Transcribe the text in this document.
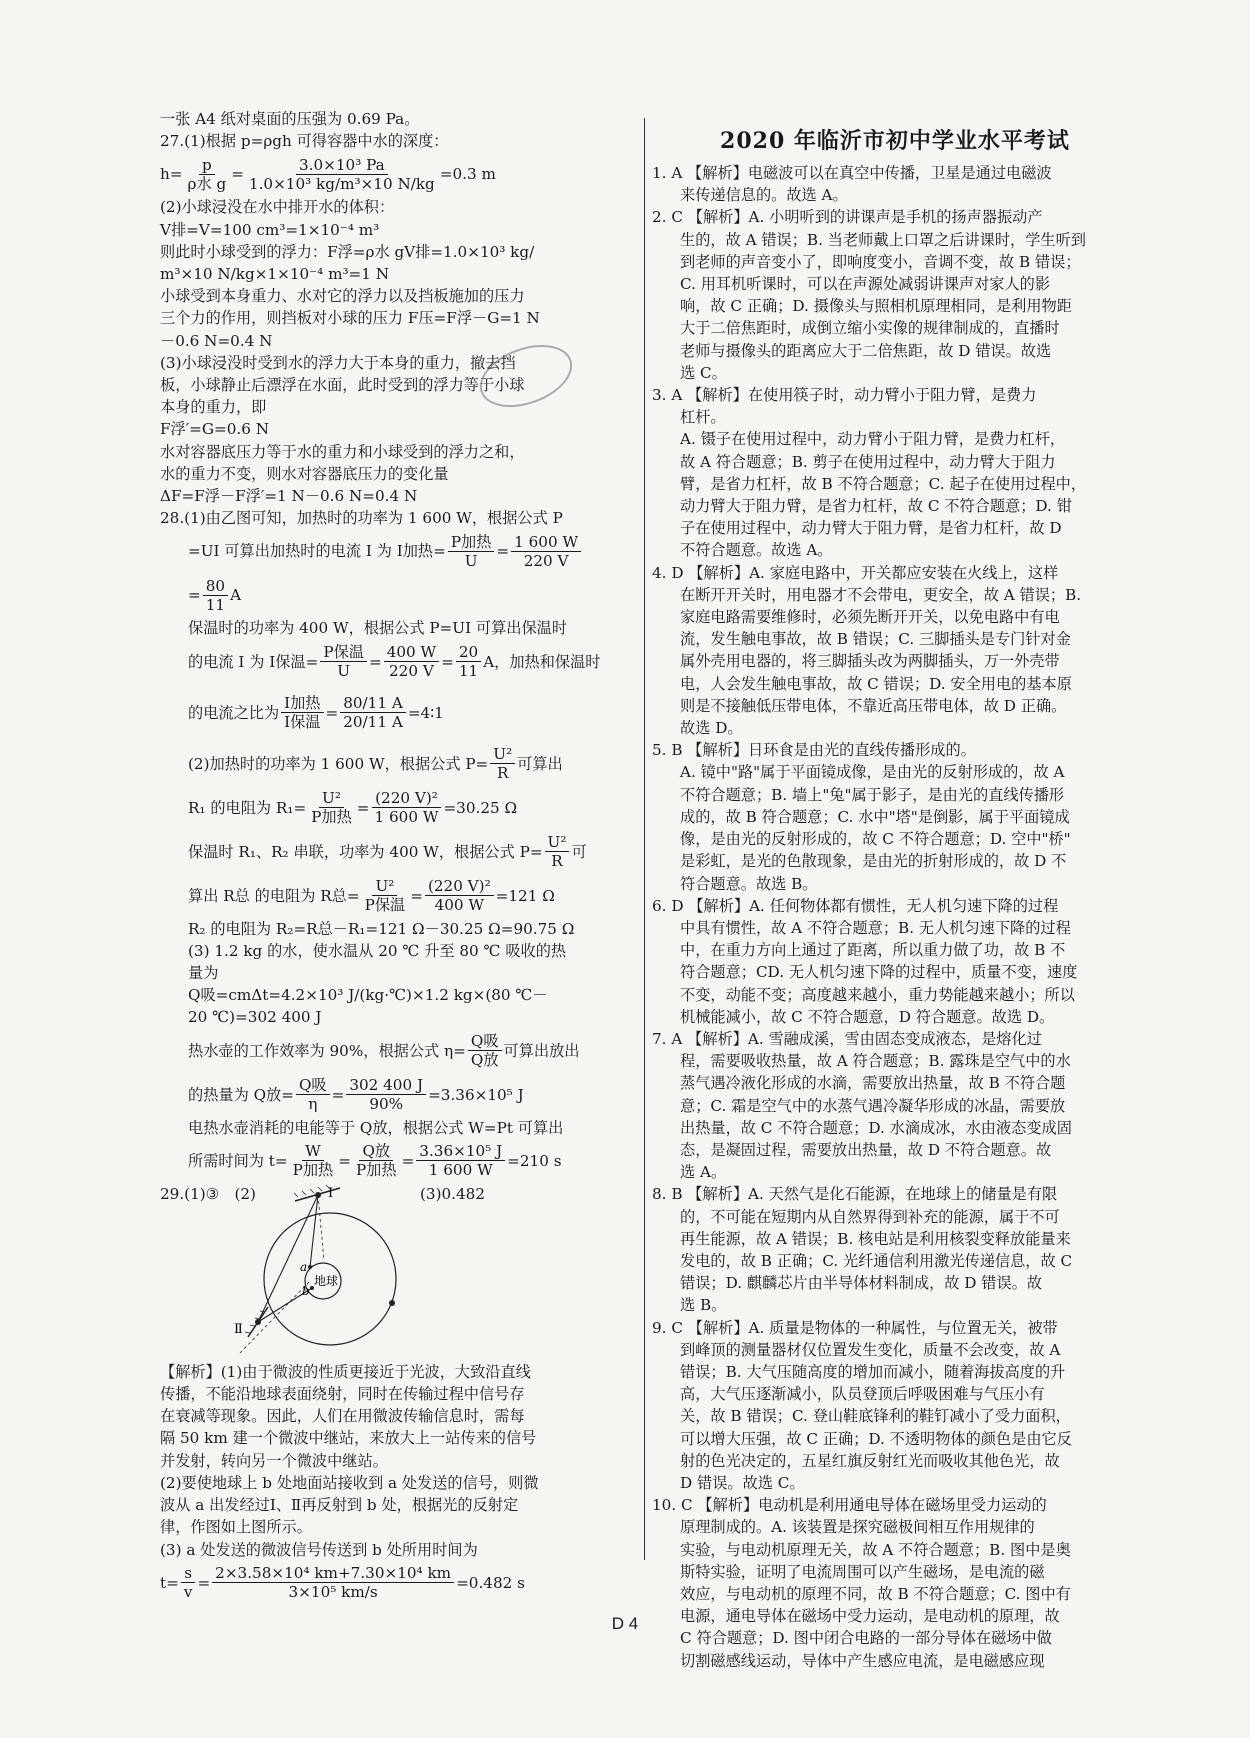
一张 A4 纸对桌面的压强为 0.69 Pa。
27.(1)根据 p=ρgh 可得容器中水的深度：
$h= \frac{p}{\text{ρ水 g}} = \frac{\text{3.0×10³ Pa}}{\text{1.0×10³ kg/m³×10 N/kg}} =0.3$ m
(2)小球浸没在水中排开水的体积：
V排=V=100 cm³=1×10⁻⁴ m³
则此时小球受到的浮力：F浮=ρ水 gV排=1.0×10³ kg/
m³×10 N/kg×1×10⁻⁴ m³=1 N
小球受到本身重力、水对它的浮力以及挡板施加的压力
三个力的作用，则挡板对小球的压力 F压=F浮－G=1 N
－0.6 N=0.4 N
(3)小球浸没时受到水的浮力大于本身的重力，撤去挡
板，小球静止后漂浮在水面，此时受到的浮力等于小球
本身的重力，即
F浮′=G=0.6 N
水对容器底压力等于水的重力和小球受到的浮力之和，
水的重力不变，则水对容器底压力的变化量
ΔF=F浮－F浮′=1 N－0.6 N=0.4 N
28.(1)由乙图可知，加热时的功率为 1 600 W，根据公式 P
=UI 可算出加热时的电流 I 为 I加热= $\frac{\text{P加热}}{U} = \frac{1 600 W}{220 V}$
= $\frac{80}{11}$ A
保温时的功率为 400 W，根据公式 P=UI 可算出保温时
的电流 I 为 I保温= $\frac{\text{P保温}}{U} = \frac{400 W}{220 V} = \frac{20}{11}$ A，加热和保温时
的电流之比为 $\frac{\text{I加热}}{\text{I保温}} = \frac{80/11 A}{20/11 A}$ =4∶1
(2)加热时的功率为 1 600 W，根据公式 $P= \frac{\text{U²}}{R}$ 可算出
R₁ 的电阻为 $R_1= \frac{\text{U²}}{\text{P加热}} = \frac{\text{(220 V)²}}{1 600 W} =30.25$ Ω
保温时 R₁、R₂ 串联，功率为 400 W，根据公式 $P= \frac{\text{U²}}{R}$ 可
算出 R总 的电阻为 R总= $\frac{\text{U²}}{\text{P保温}} = \frac{\text{(220 V)²}}{400 W} =121$ Ω
R₂ 的电阻为 R₂=R总－R₁=121 Ω－30.25 Ω=90.75 Ω
(3) 1.2 kg 的水，使水温从 20 ℃ 升至 80 ℃ 吸收的热
量为
Q吸=cmΔt=4.2×10³ J/(kg·℃)×1.2 kg×(80 ℃－
20 ℃)=302 400 J
热水壶的工作效率为 90%，根据公式 $\eta= \frac{\text{Q吸}}{\text{Q放}}$ 可算出放出
的热量为 Q放= $\frac{\text{Q吸}}{\eta} = \frac{302 400 J}{90\%} =3.36\times 10^5$ J
电热水壶消耗的电能等于 Q放，根据公式 W=Pt 可算出
所需时间为 $t= \frac{W}{\text{P加热}} = \frac{\text{Q放}}{\text{P加热}} = \frac{\text{3.36×10⁵ J}}{1 600 W} =210$ s
29.(1)③　(2)	(3)0.482
I
Ⅱ
a
b
地球
【解析】(1)由于微波的性质更接近于光波，大致沿直线
传播，不能沿地球表面绕射，同时在传输过程中信号存
在衰减等现象。因此，人们在用微波传输信息时，需每
隔 50 km 建一个微波中继站，来放大上一站传来的信号
并发射，转向另一个微波中继站。
(2)要使地球上 b 处地面站接收到 a 处发送的信号，则微
波从 a 出发经过Ⅰ、Ⅱ再反射到 b 处，根据光的反射定
律，作图如上图所示。
(3) a 处发送的微波信号传送到 b 处所用时间为
$t= \frac{s}{v} = \frac{\text{2×3.58×10⁴ km+7.30×10⁴ km}}{\text{3×10⁵ km/s}} =0.482$ s
2020 年临沂市初中学业水平考试
1. A 【解析】电磁波可以在真空中传播，卫星是通过电磁波
来传递信息的。故选 A。
2. C 【解析】A. 小明听到的讲课声是手机的扬声器振动产
生的，故 A 错误；B. 当老师戴上口罩之后讲课时，学生听到
到老师的声音变小了，即响度变小，音调不变，故 B 错误；
C. 用耳机听课时，可以在声源处减弱讲课声对家人的影
响，故 C 正确；D. 摄像头与照相机原理相同，是利用物距
大于二倍焦距时，成倒立缩小实像的规律制成的，直播时
老师与摄像头的距离应大于二倍焦距，故 D 错误。故选
选 C。
3. A 【解析】在使用筷子时，动力臂小于阻力臂，是费力
杠杆。
A. 镊子在使用过程中，动力臂小于阻力臂，是费力杠杆，
故 A 符合题意；B. 剪子在使用过程中，动力臂大于阻力
臂，是省力杠杆，故 B 不符合题意；C. 起子在使用过程中，
动力臂大于阻力臂，是省力杠杆，故 C 不符合题意；D. 钳
子在使用过程中，动力臂大于阻力臂，是省力杠杆，故 D
不符合题意。故选 A。
4. D 【解析】A. 家庭电路中，开关都应安装在火线上，这样
在断开开关时，用电器才不会带电，更安全，故 A 错误；B.
家庭电路需要维修时，必须先断开开关，以免电路中有电
流，发生触电事故，故 B 错误；C. 三脚插头是专门针对金
属外壳用电器的，将三脚插头改为两脚插头，万一外壳带
电，人会发生触电事故，故 C 错误；D. 安全用电的基本原
则是不接触低压带电体，不靠近高压带电体，故 D 正确。
故选 D。
5. B 【解析】日环食是由光的直线传播形成的。
A. 镜中"路"属于平面镜成像，是由光的反射形成的，故 A
不符合题意；B. 墙上"兔"属于影子，是由光的直线传播形
成的，故 B 符合题意；C. 水中"塔"是倒影，属于平面镜成
像，是由光的反射形成的，故 C 不符合题意；D. 空中"桥"
是彩虹，是光的色散现象，是由光的折射形成的，故 D 不
符合题意。故选 B。
6. D 【解析】A. 任何物体都有惯性，无人机匀速下降的过程
中具有惯性，故 A 不符合题意；B. 无人机匀速下降的过程
中，在重力方向上通过了距离，所以重力做了功，故 B 不
符合题意；CD. 无人机匀速下降的过程中，质量不变，速度
不变，动能不变；高度越来越小，重力势能越来越小；所以
机械能减小，故 C 不符合题意，D 符合题意。故选 D。
7. A 【解析】A. 雪融成溪，雪由固态变成液态，是熔化过
程，需要吸收热量，故 A 符合题意；B. 露珠是空气中的水
蒸气遇冷液化形成的水滴，需要放出热量，故 B 不符合题
意；C. 霜是空气中的水蒸气遇冷凝华形成的冰晶，需要放
出热量，故 C 不符合题意；D. 水滴成冰，水由液态变成固
态，是凝固过程，需要放出热量，故 D 不符合题意。故
选 A。
8. B 【解析】A. 天然气是化石能源，在地球上的储量是有限
的，不可能在短期内从自然界得到补充的能源，属于不可
再生能源，故 A 错误；B. 核电站是利用核裂变释放能量来
发电的，故 B 正确；C. 光纤通信利用激光传递信息，故 C
错误；D. 麒麟芯片由半导体材料制成，故 D 错误。故
选 B。
9. C 【解析】A. 质量是物体的一种属性，与位置无关，被带
到峰顶的测量器材仅位置发生变化，质量不会改变，故 A
错误；B. 大气压随高度的增加而减小，随着海拔高度的升
高，大气压逐渐减小，队员登顶后呼吸困难与气压小有
关，故 B 错误；C. 登山鞋底锋利的鞋钉减小了受力面积，
可以增大压强，故 C 正确；D. 不透明物体的颜色是由它反
射的色光决定的，五星红旗反射红光而吸收其他色光，故
D 错误。故选 C。
10. C 【解析】电动机是利用通电导体在磁场里受力运动的
原理制成的。A. 该装置是探究磁极间相互作用规律的
实验，与电动机原理无关，故 A 不符合题意；B. 图中是奥
斯特实验，证明了电流周围可以产生磁场，是电流的磁
效应，与电动机的原理不同，故 B 不符合题意；C. 图中有
电源，通电导体在磁场中受力运动，是电动机的原理，故
C 符合题意；D. 图中闭合电路的一部分导体在磁场中做
切割磁感线运动，导体中产生感应电流，是电磁感应现
D 4
